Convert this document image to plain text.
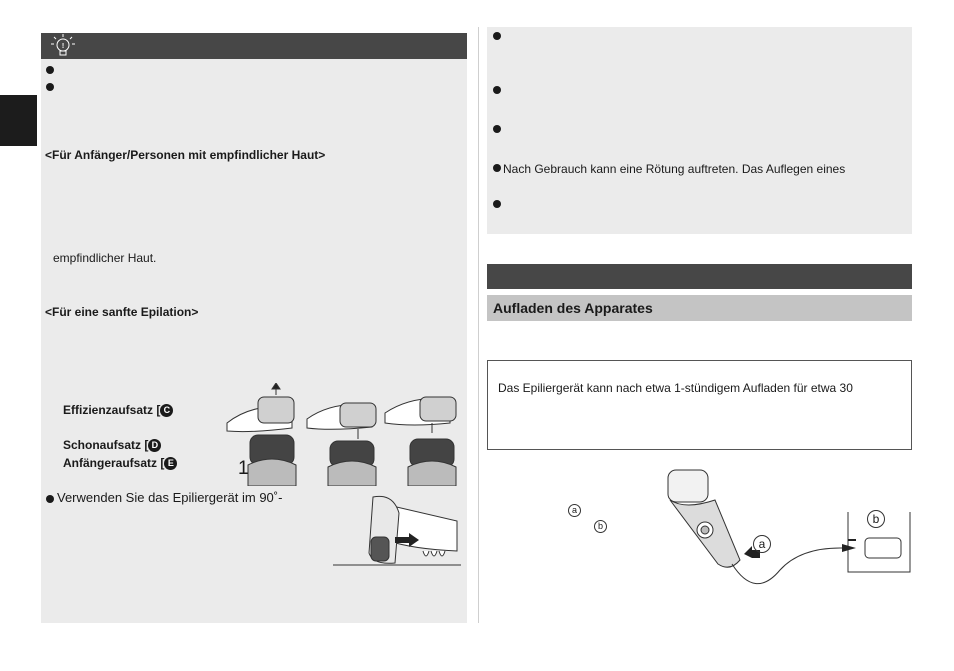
!
<Für Anfänger/Personen mit empfindlicher Haut>
empfindlicher Haut.
<Für eine sanfte Epilation>
Effizienzaufsatz [ C
Schonaufsatz [ D
Anfängeraufsatz [ E	1
Verwenden Sie das Epiliergerät im 90˚-
Nach Gebrauch kann eine Rötung auftreten. Das Auflegen eines
Aufladen des Apparates
Das Epiliergerät kann nach etwa 1-stündigem Aufladen für etwa 30
a
b
a
b
